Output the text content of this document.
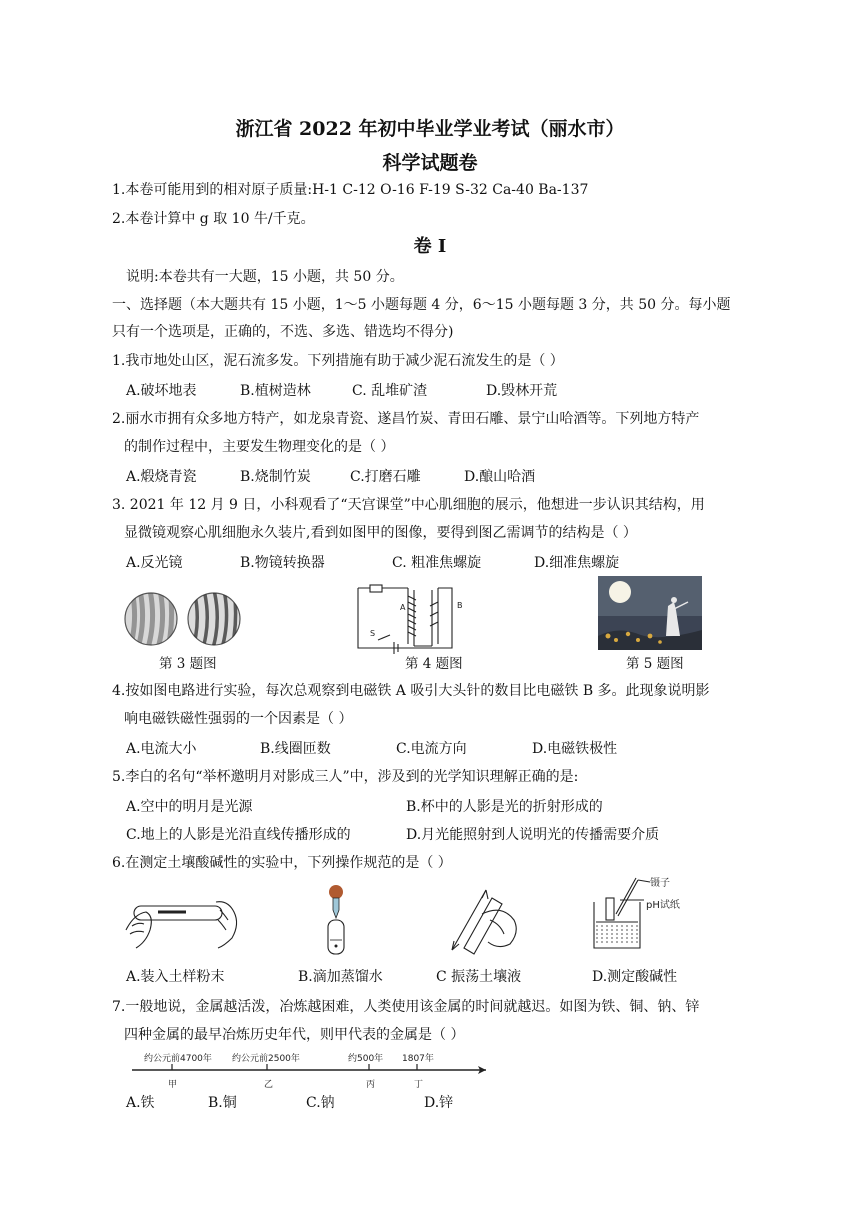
浙江省 2022 年初中毕业学业考试（丽水市）
科学试题卷
1.本卷可能用到的相对原子质量:H-1 C-12 O-16 F-19 S-32 Ca-40 Ba-137
2.本卷计算中 g 取 10 牛/千克。
卷 I
说明:本卷共有一大题，15 小题，共 50 分。
一、选择题（本大题共有 15 小题，1～5 小题每题 4 分，6～15 小题每题 3 分，共 50 分。每小题
只有一个选项是，正确的，不选、多选、错选均不得分)
1.我市地处山区，泥石流多发。下列措施有助于减少泥石流发生的是（ ）
A.破坏地表	B.植树造林	C. 乱堆矿渣	D.毁林开荒
2.丽水市拥有众多地方特产，如龙泉青瓷、遂昌竹炭、青田石雕、景宁山哈酒等。下列地方特产
的制作过程中，主要发生物理变化的是（ ）
A.煅烧青瓷	B.烧制竹炭	C.打磨石雕	D.酿山哈酒
3. 2021 年 12 月 9 日，小科观看了“天宫课堂”中心肌细胞的展示，他想进一步认识其结构，用
显微镜观察心肌细胞永久装片,看到如图甲的图像，要得到图乙需调节的结构是（ ）
A.反光镜	B.物镜转换器	C. 粗准焦螺旋	D.细准焦螺旋
A	B
S
第 3 题图	第 4 题图	第 5 题图
4.按如图电路进行实验，每次总观察到电磁铁 A 吸引大头针的数目比电磁铁 B 多。此现象说明影
响电磁铁磁性强弱的一个因素是（ ）
A.电流大小	B.线圈匝数	C.电流方向	D.电磁铁极性
5.李白的名句“举杯邀明月对影成三人”中，涉及到的光学知识理解正确的是:
A.空中的明月是光源	B.杯中的人影是光的折射形成的
C.地上的人影是光沿直线传播形成的	D.月光能照射到人说明光的传播需要介质
6.在测定土壤酸碱性的实验中，下列操作规范的是（ ）
镊子
pH试纸
A.装入土样粉末	B.滴加蒸馏水	C 振荡土壤液	D.测定酸碱性
7.一般地说，金属越活泼，冶炼越困难，人类使用该金属的时间就越迟。如图为铁、铜、钠、锌
四种金属的最早冶炼历史年代，则甲代表的金属是（ ）
约公元前4700年 约公元前2500年	约500年 1807年
甲	乙	丙	丁
A.铁	B.铜	C.钠	D.锌
